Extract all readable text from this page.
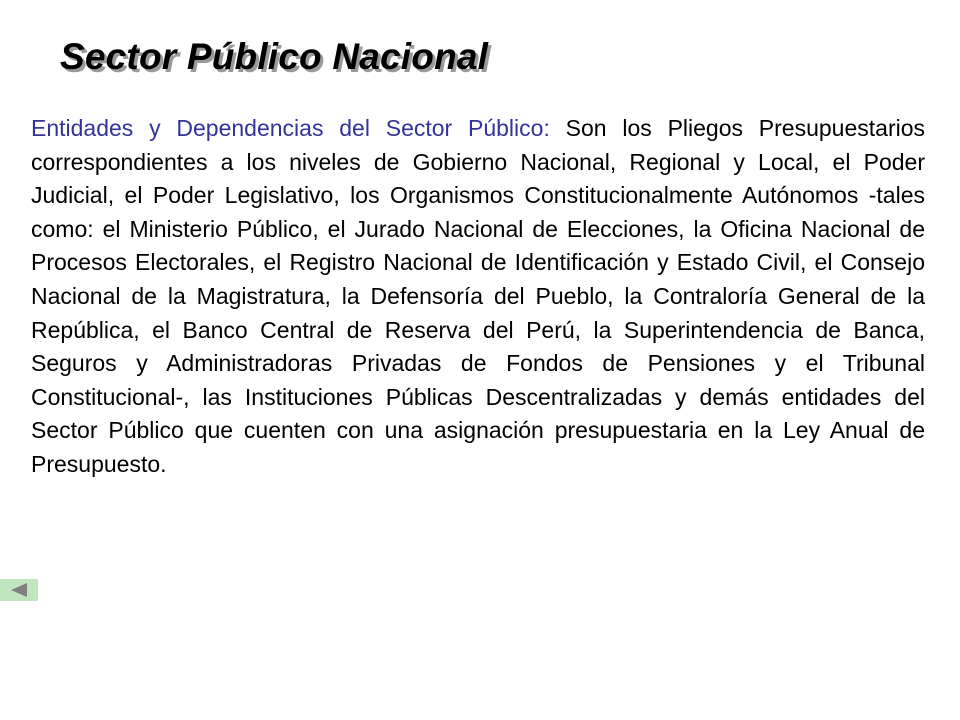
Sector Público Nacional

Entidades y Dependencias del Sector Público: Son los Pliegos Presupuestarios correspondientes a los niveles de Gobierno Nacional, Regional y Local, el Poder Judicial, el Poder Legislativo, los Organismos Constitucionalmente Autónomos -tales como: el Ministerio Público, el Jurado Nacional de Elecciones, la Oficina Nacional de Procesos Electorales, el Registro Nacional de Identificación y Estado Civil, el Consejo Nacional de la Magistratura, la Defensoría del Pueblo, la Contraloría General de la República, el Banco Central de Reserva del Perú, la Superintendencia de Banca, Seguros y Administradoras Privadas de Fondos de Pensiones y el Tribunal Constitucional-, las Instituciones Públicas Descentralizadas y demás entidades del Sector Público que cuenten con una asignación presupuestaria en la Ley Anual de Presupuesto.
